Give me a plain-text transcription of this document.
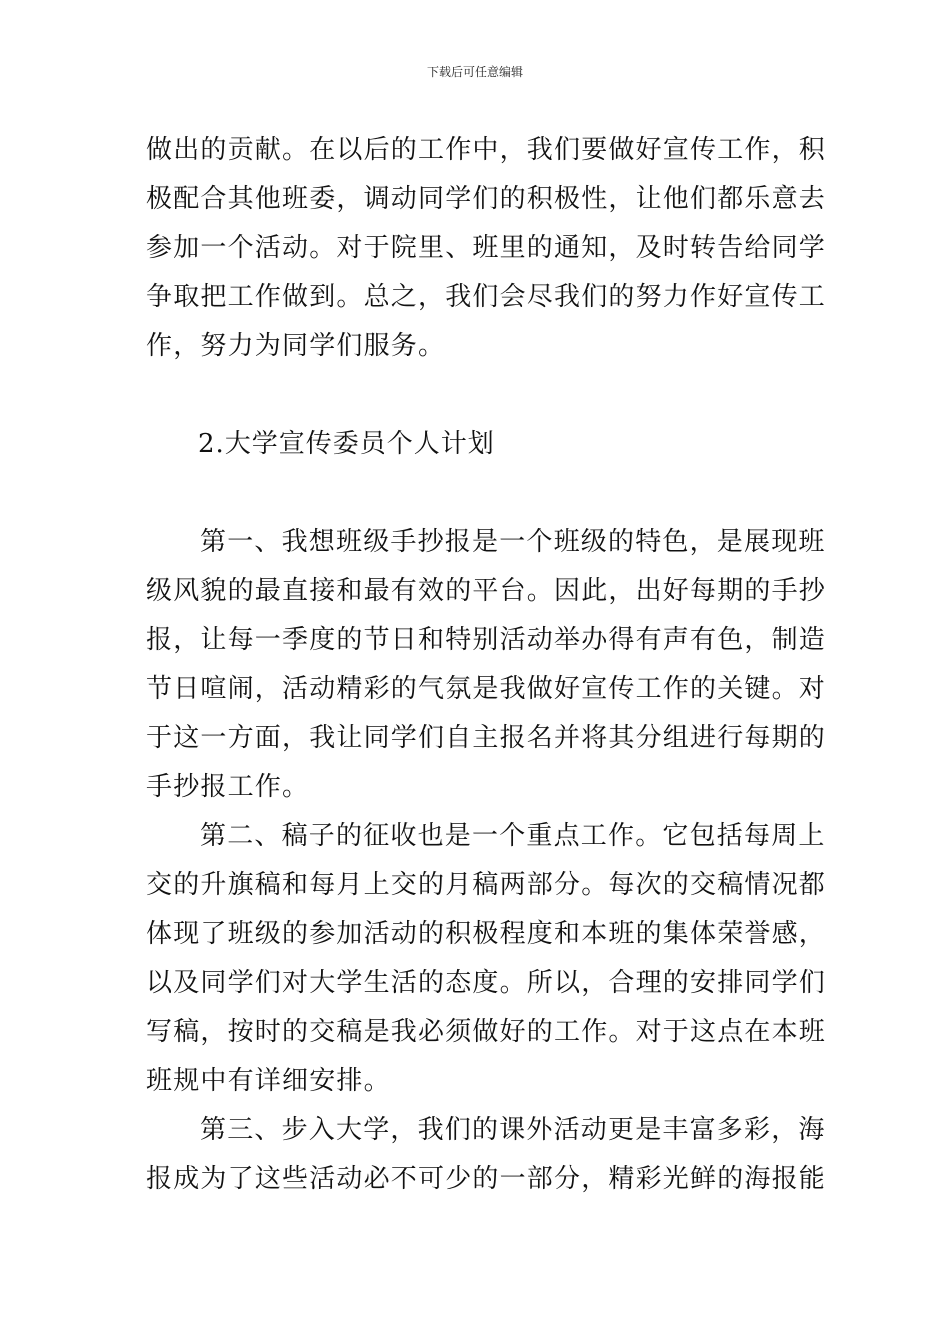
下载后可任意编辑
做出的贡献。在以后的工作中，我们要做好宣传工作，积
极配合其他班委，调动同学们的积极性，让他们都乐意去
参加一个活动。对于院里、班里的通知，及时转告给同学
争取把工作做到。总之，我们会尽我们的努力作好宣传工
作，努力为同学们服务。
2.大学宣传委员个人计划
第一、我想班级手抄报是一个班级的特色，是展现班
级风貌的最直接和最有效的平台。因此，出好每期的手抄
报，让每一季度的节日和特别活动举办得有声有色，制造
节日喧闹，活动精彩的气氛是我做好宣传工作的关键。对
于这一方面，我让同学们自主报名并将其分组进行每期的
手抄报工作。
第二、稿子的征收也是一个重点工作。它包括每周上
交的升旗稿和每月上交的月稿两部分。每次的交稿情况都
体现了班级的参加活动的积极程度和本班的集体荣誉感，
以及同学们对大学生活的态度。所以，合理的安排同学们
写稿，按时的交稿是我必须做好的工作。对于这点在本班
班规中有详细安排。
第三、步入大学，我们的课外活动更是丰富多彩，海
报成为了这些活动必不可少的一部分，精彩光鲜的海报能
